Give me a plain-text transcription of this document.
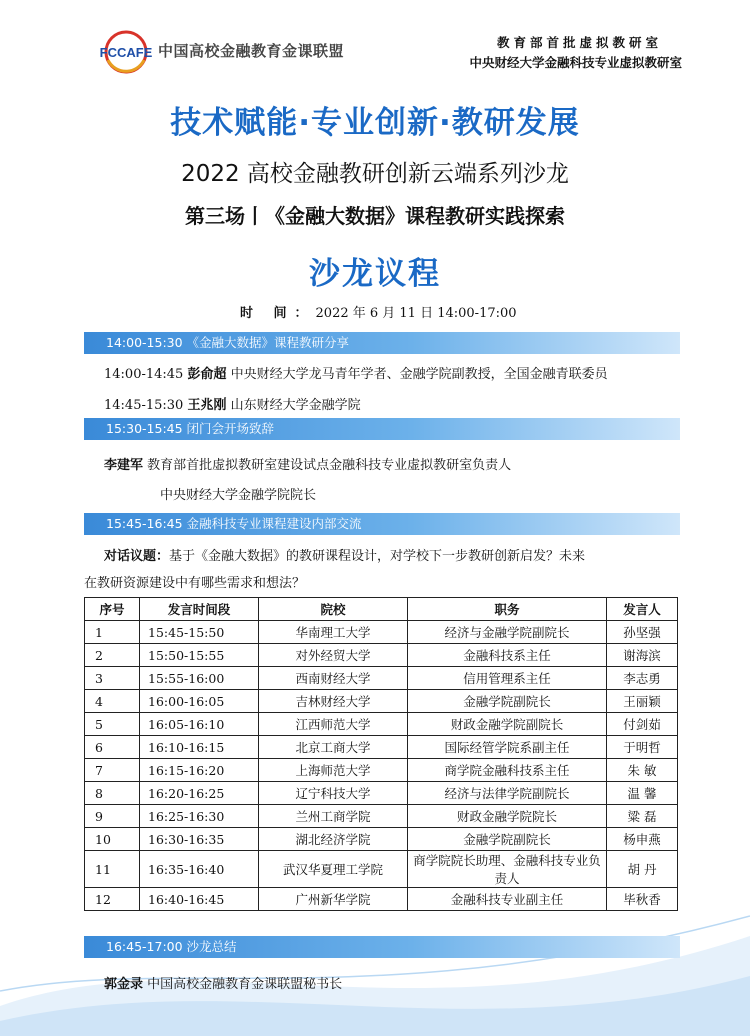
FCCAFE 中国高校金融教育金课联盟	教育部首批虚拟教研室
中央财经大学金融科技专业虚拟教研室
技术赋能·专业创新·教研发展
2022 高校金融教研创新云端系列沙龙
第三场丨《金融大数据》课程教研实践探索
沙龙议程
时 间：2022 年 6 月 11 日 14:00-17:00
14:00-15:30 《金融大数据》课程教研分享
14:00-14:45 彭俞超 中央财经大学龙马青年学者、金融学院副教授，全国金融青联委员
14:45-15:30 王兆刚 山东财经大学金融学院
15:30-15:45 闭门会开场致辞
李建军 教育部首批虚拟教研室建设试点金融科技专业虚拟教研室负责人
中央财经大学金融学院院长
15:45-16:45 金融科技专业课程建设内部交流
对话议题：基于《金融大数据》的教研课程设计，对学校下一步教研创新启发？未来
在教研资源建设中有哪些需求和想法？
序号	发言时间段	院校	职务	发言人
1	15:45-15:50	华南理工大学	经济与金融学院副院长	孙坚强
2	15:50-15:55	对外经贸大学	金融科技系主任	谢海滨
3	15:55-16:00	西南财经大学	信用管理系主任	李志勇
4	16:00-16:05	吉林财经大学	金融学院副院长	王丽颖
5	16:05-16:10	江西师范大学	财政金融学院副院长	付剑茹
6	16:10-16:15	北京工商大学	国际经管学院系副主任	于明哲
7	16:15-16:20	上海师范大学	商学院金融科技系主任	朱 敏
8	16:20-16:25	辽宁科技大学	经济与法律学院副院长	温 馨
9	16:25-16:30	兰州工商学院	财政金融学院院长	粱 磊
10	16:30-16:35	湖北经济学院	金融学院副院长	杨申燕
11	16:35-16:40	武汉华夏理工学院	商学院院长助理、金融科技专业负责人	胡 丹
12	16:40-16:45	广州新华学院	金融科技专业副主任	毕秋香
16:45-17:00 沙龙总结
郭金录 中国高校金融教育金课联盟秘书长
